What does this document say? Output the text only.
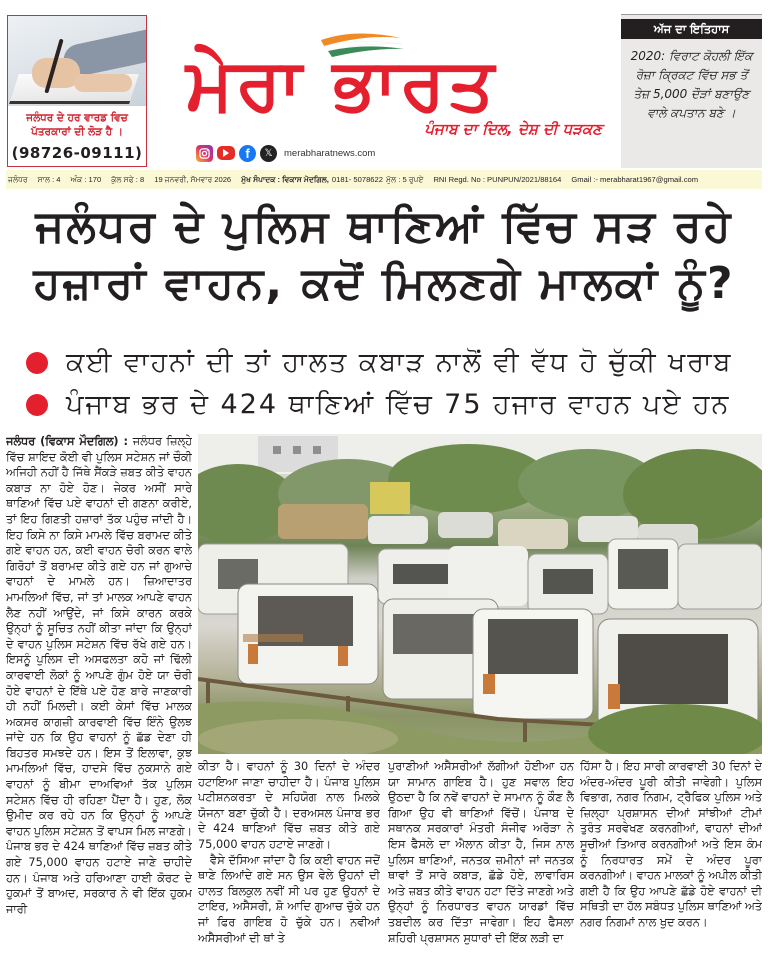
ਜਲੰਧਰ ਦੇ ਹਰ ਵਾਰਡ ਵਿਚ
ਪੱਤਰਕਾਰਾਂ ਦੀ ਲੋੜ ਹੈ ।
(98726-09111)
ਮੇਰਾ ਭਾਰਤ
ਪੰਜਾਬ ਦਾ ਦਿਲ, ਦੇਸ਼ ਦੀ ਧੜਕਣ
f	𝕏	merabharatnews.com
ਅੱਜ ਦਾ ਇਤਿਹਾਸ
2020: ਵਿਰਾਟ ਕੋਹਲੀ ਇੱਕ ਰੋਜ਼ਾ ਕ੍ਰਿਕਟ ਵਿੱਚ ਸਭ ਤੋਂ ਤੇਜ਼ 5,000 ਦੌੜਾਂ ਬਣਾਉਣ ਵਾਲੇ ਕਪਤਾਨ ਬਣੇ ।
ਜਲੰਧਰ ਸਾਲ : 4 ਅੰਕ : 170 ਕੁੱਲ ਸਫੇ : 8 19 ਜਨਵਰੀ, ਸੋਮਵਾਰ 2026 ਮੁੱਖ ਸੰਪਾਦਕ : ਵਿਕਾਸ ਮੋਦਗਿਲ, 0181- 5078622 ਮੁੱਲ : 5 ਰੁਪਏ RNI Regd. No : PUNPUN/2021/88164 Gmail :- merabharat1967@gmail.com
ਜਲੰਧਰ ਦੇ ਪੁਲਿਸ ਥਾਣਿਆਂ ਵਿੱਚ ਸੜ ਰਹੇ
ਹਜ਼ਾਰਾਂ ਵਾਹਨ, ਕਦੋਂ ਮਿਲਣਗੇ ਮਾਲਕਾਂ ਨੂੰ?
ਕਈ ਵਾਹਨਾਂ ਦੀ ਤਾਂ ਹਾਲਤ ਕਬਾੜ ਨਾਲੋਂ ਵੀ ਵੱਧ ਹੋ ਚੁੱਕੀ ਖਰਾਬ
ਪੰਜਾਬ ਭਰ ਦੇ 424 ਥਾਣਿਆਂ ਵਿੱਚ 75 ਹਜਾਰ ਵਾਹਨ ਪਏ ਹਨ

ਜਲੰਧਰ (ਵਿਕਾਸ ਮੌਦਗਿਲ) : ਜਲੰਧਰ ਜ਼ਿਲ੍ਹੇ ਵਿੱਚ ਸ਼ਾਇਦ ਕੋਈ ਵੀ ਪੁਲਿਸ ਸਟੇਸ਼ਨ ਜਾਂ ਚੌਕੀ ਅਜਿਹੀ ਨਹੀਂ ਹੈ ਜਿੱਥੇ ਸੈਂਕੜੇ ਜ਼ਬਤ ਕੀਤੇ ਵਾਹਨ ਕਬਾੜ ਨਾ ਹੋਏ ਹੋਣ। ਜੇਕਰ ਅਸੀਂ ਸਾਰੇ ਥਾਣਿਆਂ ਵਿੱਚ ਪਏ ਵਾਹਨਾਂ ਦੀ ਗਣਨਾ ਕਰੀਏ, ਤਾਂ ਇਹ ਗਿਣਤੀ ਹਜ਼ਾਰਾਂ ਤੱਕ ਪਹੁੰਚ ਜਾਂਦੀ ਹੈ। ਇਹ ਕਿਸੇ ਨਾ ਕਿਸੇ ਮਾਮਲੇ ਵਿੱਚ ਬਰਾਮਦ ਕੀਤੇ ਗਏ ਵਾਹਨ ਹਨ, ਕਈ ਵਾਹਨ ਚੋਰੀ ਕਰਨ ਵਾਲੇ ਗਿਰੋਹਾਂ ਤੋਂ ਬਰਾਮਦ ਕੀਤੇ ਗਏ ਹਨ ਜਾਂ ਗੁਆਚੇ ਵਾਹਨਾਂ ਦੇ ਮਾਮਲੇ ਹਨ। ਜ਼ਿਆਦਾਤਰ ਮਾਮਲਿਆਂ ਵਿੱਚ, ਜਾਂ ਤਾਂ ਮਾਲਕ ਆਪਣੇ ਵਾਹਨ ਲੈਣ ਨਹੀਂ ਆਉਂਦੇ, ਜਾਂ ਕਿਸੇ ਕਾਰਨ ਕਰਕੇ ਉਨ੍ਹਾਂ ਨੂੰ ਸੂਚਿਤ ਨਹੀਂ ਕੀਤਾ ਜਾਂਦਾ ਕਿ ਉਨ੍ਹਾਂ ਦੇ ਵਾਹਨ ਪੁਲਿਸ ਸਟੇਸ਼ਨ ਵਿੱਚ ਰੱਖੇ ਗਏ ਹਨ। ਇਸਨੂੰ ਪੁਲਿਸ ਦੀ ਅਸਫਲਤਾ ਕਹੋ ਜਾਂ ਢਿੱਲੀ ਕਾਰਵਾਈ ਲੋਕਾਂ ਨੂੰ ਆਪਣੇ ਗੁੰਮ ਹੋਏ ਯਾ ਚੋਰੀ ਹੋਏ ਵਾਹਨਾਂ ਦੇ ਇੱਥੇ ਪਏ ਹੋਣ ਬਾਰੇ ਜਾਣਕਾਰੀ ਹੀ ਨਹੀਂ ਮਿਲਦੀ। ਕਈ ਕੇਸਾਂ ਵਿੱਚ ਮਾਲਕ ਅਕਸਰ ਕਾਗਜ਼ੀ ਕਾਰਵਾਈ ਵਿੱਚ ਇੰਨੇ ਉਲਝ ਜਾਂਦੇ ਹਨ ਕਿ ਉਹ ਵਾਹਨਾਂ ਨੂੰ ਛੱਡ ਦੇਣਾ ਹੀ ਬਿਹਤਰ ਸਮਝਦੇ ਹਨ। ਇਸ ਤੋਂ ਇਲਾਵਾ, ਕੁਝ ਮਾਮਲਿਆਂ ਵਿੱਚ, ਹਾਦਸੇ ਵਿੱਚ ਨੁਕਸਾਨੇ ਗਏ ਵਾਹਨਾਂ ਨੂੰ ਬੀਮਾ ਦਾਅਵਿਆਂ ਤੱਕ ਪੁਲਿਸ ਸਟੇਸ਼ਨ ਵਿੱਚ ਹੀ ਰਹਿਣਾ ਪੈਂਦਾ ਹੈ। ਹੁਣ, ਲੋਕ ਉਮੀਦ ਕਰ ਰਹੇ ਹਨ ਕਿ ਉਨ੍ਹਾਂ ਨੂੰ ਆਪਣੇ ਵਾਹਨ ਪੁਲਿਸ ਸਟੇਸ਼ਨ ਤੋਂ ਵਾਪਸ ਮਿਲ ਜਾਣਗੇ। ਪੰਜਾਬ ਭਰ ਦੇ 424 ਥਾਣਿਆਂ ਵਿੱਚ ਜ਼ਬਤ ਕੀਤੇ ਗਏ 75,000 ਵਾਹਨ ਹਟਾਏ ਜਾਣੇ ਚਾਹੀਦੇ ਹਨ। ਪੰਜਾਬ ਅਤੇ ਹਰਿਆਣਾ ਹਾਈ ਕੋਰਟ ਦੇ ਹੁਕਮਾਂ ਤੋਂ ਬਾਅਦ, ਸਰਕਾਰ ਨੇ ਵੀ ਇੱਕ ਹੁਕਮ ਜਾਰੀ

ਕੀਤਾ ਹੈ। ਵਾਹਨਾਂ ਨੂੰ 30 ਦਿਨਾਂ ਦੇ ਅੰਦਰ ਹਟਾਇਆ ਜਾਣਾ ਚਾਹੀਦਾ ਹੈ। ਪੰਜਾਬ ਪੁਲਿਸ ਪਟੀਸ਼ਨਕਰਤਾ ਦੇ ਸਹਿਯੋਗ ਨਾਲ ਮਿਲਕੇ ਯੋਜਨਾ ਬਣਾ ਚੁੱਕੀ ਹੈ। ਦਰਅਸਲ ਪੰਜਾਬ ਭਰ ਦੇ 424 ਥਾਣਿਆਂ ਵਿੱਚ ਜ਼ਬਤ ਕੀਤੇ ਗਏ 75,000 ਵਾਹਨ ਹਟਾਏ ਜਾਣਗੇ।

ਵੈਸੇ ਦੱਸਿਆ ਜਾਂਦਾ ਹੈ ਕਿ ਕਈ ਵਾਹਨ ਜਦੋਂ ਥਾਣੇ ਲਿਆਂਦੇ ਗਏ ਸਨ ਉਸ ਵੇਲੇ ਉਹਨਾਂ ਦੀ ਹਾਲਤ ਬਿਲਕੁਲ ਨਵੀਂ ਸੀ ਪਰ ਹੁਣ ਉਹਨਾਂ ਦੇ ਟਾਇਰ, ਅਸੈਸਰੀ, ਸ਼ੋ ਆਦਿ ਗੁਆਚ ਚੁੱਕੇ ਹਨ ਜਾਂ ਫਿਰ ਗਾਇਬ ਹੋ ਚੁੱਕੇ ਹਨ। ਨਵੀਆਂ ਅਸੈਸਰੀਆਂ ਦੀ ਥਾਂ ਤੇ

ਪੁਰਾਣੀਆਂ ਅਸੈਸਰੀਆਂ ਲੱਗੀਆਂ ਹੋਈਆ ਹਨ ਯਾ ਸਾਮਾਨ ਗਾਇਬ ਹੈ। ਹੁਣ ਸਵਾਲ ਇਹ ਉਠਦਾ ਹੈ ਕਿ ਨਵੇਂ ਵਾਹਨਾਂ ਦੇ ਸਾਮਾਨ ਨੂੰ ਕੌਣ ਲੈ ਗਿਆ ਉਹ ਵੀ ਥਾਣਿਆਂ ਵਿੱਚੋਂ। ਪੰਜਾਬ ਦੇ ਸਥਾਨਕ ਸਰਕਾਰਾਂ ਮੰਤਰੀ ਸੰਜੀਵ ਅਰੋੜਾ ਨੇ ਇਸ ਫੈਸਲੇ ਦਾ ਐਲਾਨ ਕੀਤਾ ਹੈ, ਜਿਸ ਨਾਲ ਪੁਲਿਸ ਥਾਣਿਆਂ, ਜਨਤਕ ਜ਼ਮੀਨਾਂ ਜਾਂ ਜਨਤਕ ਥਾਵਾਂ ਤੋਂ ਸਾਰੇ ਕਬਾੜ, ਛੱਡੇ ਹੋਏ, ਲਾਵਾਰਿਸ ਅਤੇ ਜ਼ਬਤ ਕੀਤੇ ਵਾਹਨ ਹਟਾ ਦਿੱਤੇ ਜਾਣਗੇ ਅਤੇ ਉਨ੍ਹਾਂ ਨੂੰ ਨਿਰਧਾਰਤ ਵਾਹਨ ਯਾਰਡਾਂ ਵਿੱਚ ਤਬਦੀਲ ਕਰ ਦਿੱਤਾ ਜਾਵੇਗਾ। ਇਹ ਫੈਸਲਾ ਸ਼ਹਿਰੀ ਪ੍ਰਸ਼ਾਸਨ ਸੁਧਾਰਾਂ ਦੀ ਇੱਕ ਲੜੀ ਦਾ

ਹਿੱਸਾ ਹੈ। ਇਹ ਸਾਰੀ ਕਾਰਵਾਈ 30 ਦਿਨਾਂ ਦੇ ਅੰਦਰ-ਅੰਦਰ ਪੂਰੀ ਕੀਤੀ ਜਾਵੇਗੀ। ਪੁਲਿਸ ਵਿਭਾਗ, ਨਗਰ ਨਿਗਮ, ਟ੍ਰੈਫਿਕ ਪੁਲਿਸ ਅਤੇ ਜ਼ਿਲ੍ਹਾ ਪ੍ਰਸ਼ਾਸਨ ਦੀਆਂ ਸਾਂਝੀਆਂ ਟੀਮਾਂ ਤੁਰੰਤ ਸਰਵੇਖਣ ਕਰਨਗੀਆਂ, ਵਾਹਨਾਂ ਦੀਆਂ ਸੂਚੀਆਂ ਤਿਆਰ ਕਰਨਗੀਆਂ ਅਤੇ ਇਸ ਕੰਮ ਨੂੰ ਨਿਰਧਾਰਤ ਸਮੇਂ ਦੇ ਅੰਦਰ ਪੂਰਾ ਕਰਨਗੀਆਂ। ਵਾਹਨ ਮਾਲਕਾਂ ਨੂੰ ਅਪੀਲ ਕੀਤੀ ਗਈ ਹੈ ਕਿ ਉਹ ਆਪਣੇ ਛੱਡੇ ਹੋਏ ਵਾਹਨਾਂ ਦੀ ਸਥਿਤੀ ਦਾ ਹੱਲ ਸਬੰਧਤ ਪੁਲਿਸ ਥਾਣਿਆਂ ਅਤੇ ਨਗਰ ਨਿਗਮਾਂ ਨਾਲ ਖੁਦ ਕਰਨ।
